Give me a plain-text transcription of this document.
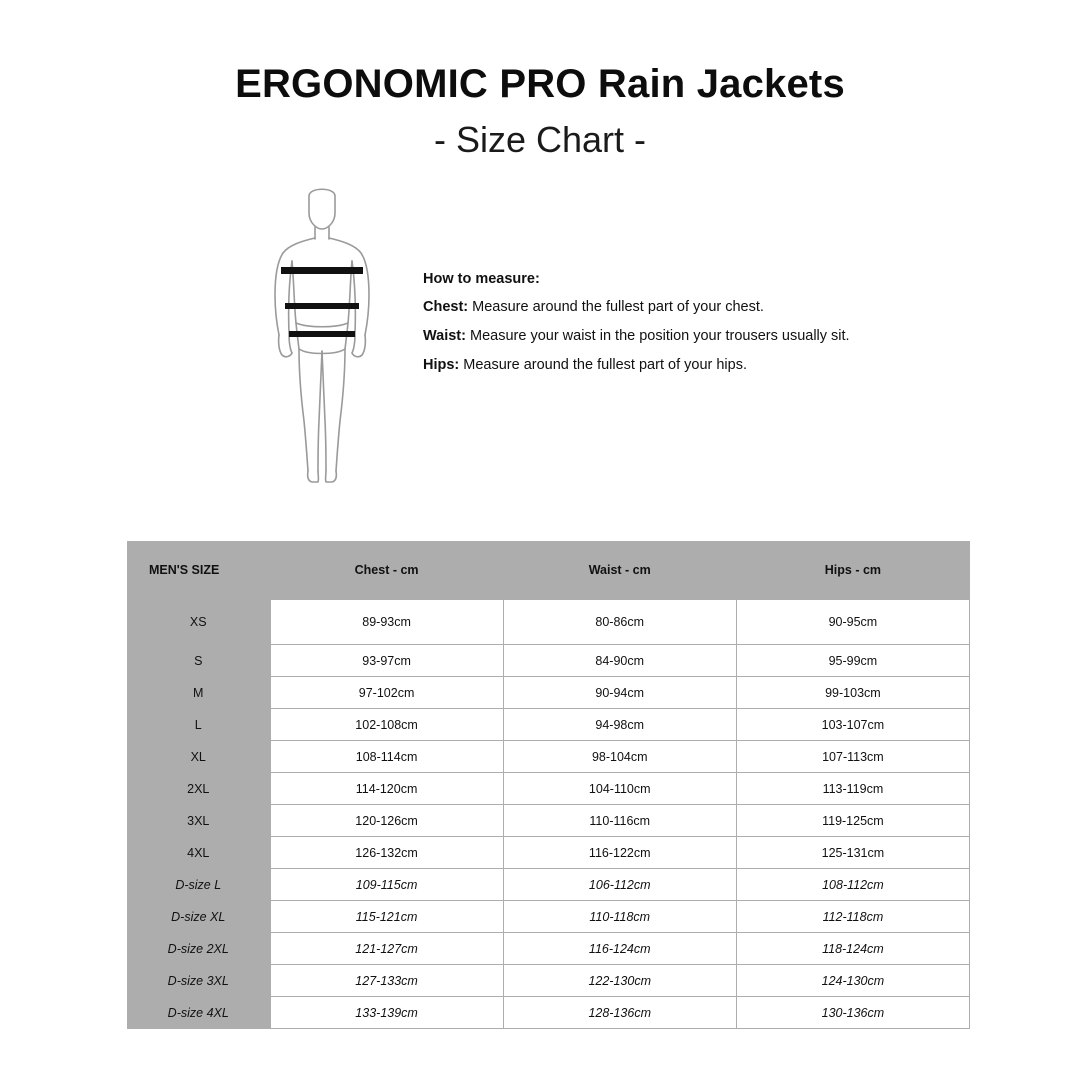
ERGONOMIC PRO Rain Jackets
- Size Chart -
How to measure:
Chest: Measure around the fullest part of your chest.
Waist: Measure your waist in the position your trousers usually sit.
Hips: Measure around the fullest part of your hips.
MEN'S SIZE	Chest - cm	Waist - cm	Hips - cm
XS	89-93cm	80-86cm	90-95cm
S	93-97cm	84-90cm	95-99cm
M	97-102cm	90-94cm	99-103cm
L	102-108cm	94-98cm	103-107cm
XL	108-114cm	98-104cm	107-113cm
2XL	114-120cm	104-110cm	113-119cm
3XL	120-126cm	110-116cm	119-125cm
4XL	126-132cm	116-122cm	125-131cm
D-size L	109-115cm	106-112cm	108-112cm
D-size XL	115-121cm	110-118cm	112-118cm
D-size 2XL	121-127cm	116-124cm	118-124cm
D-size 3XL	127-133cm	122-130cm	124-130cm
D-size 4XL	133-139cm	128-136cm	130-136cm
